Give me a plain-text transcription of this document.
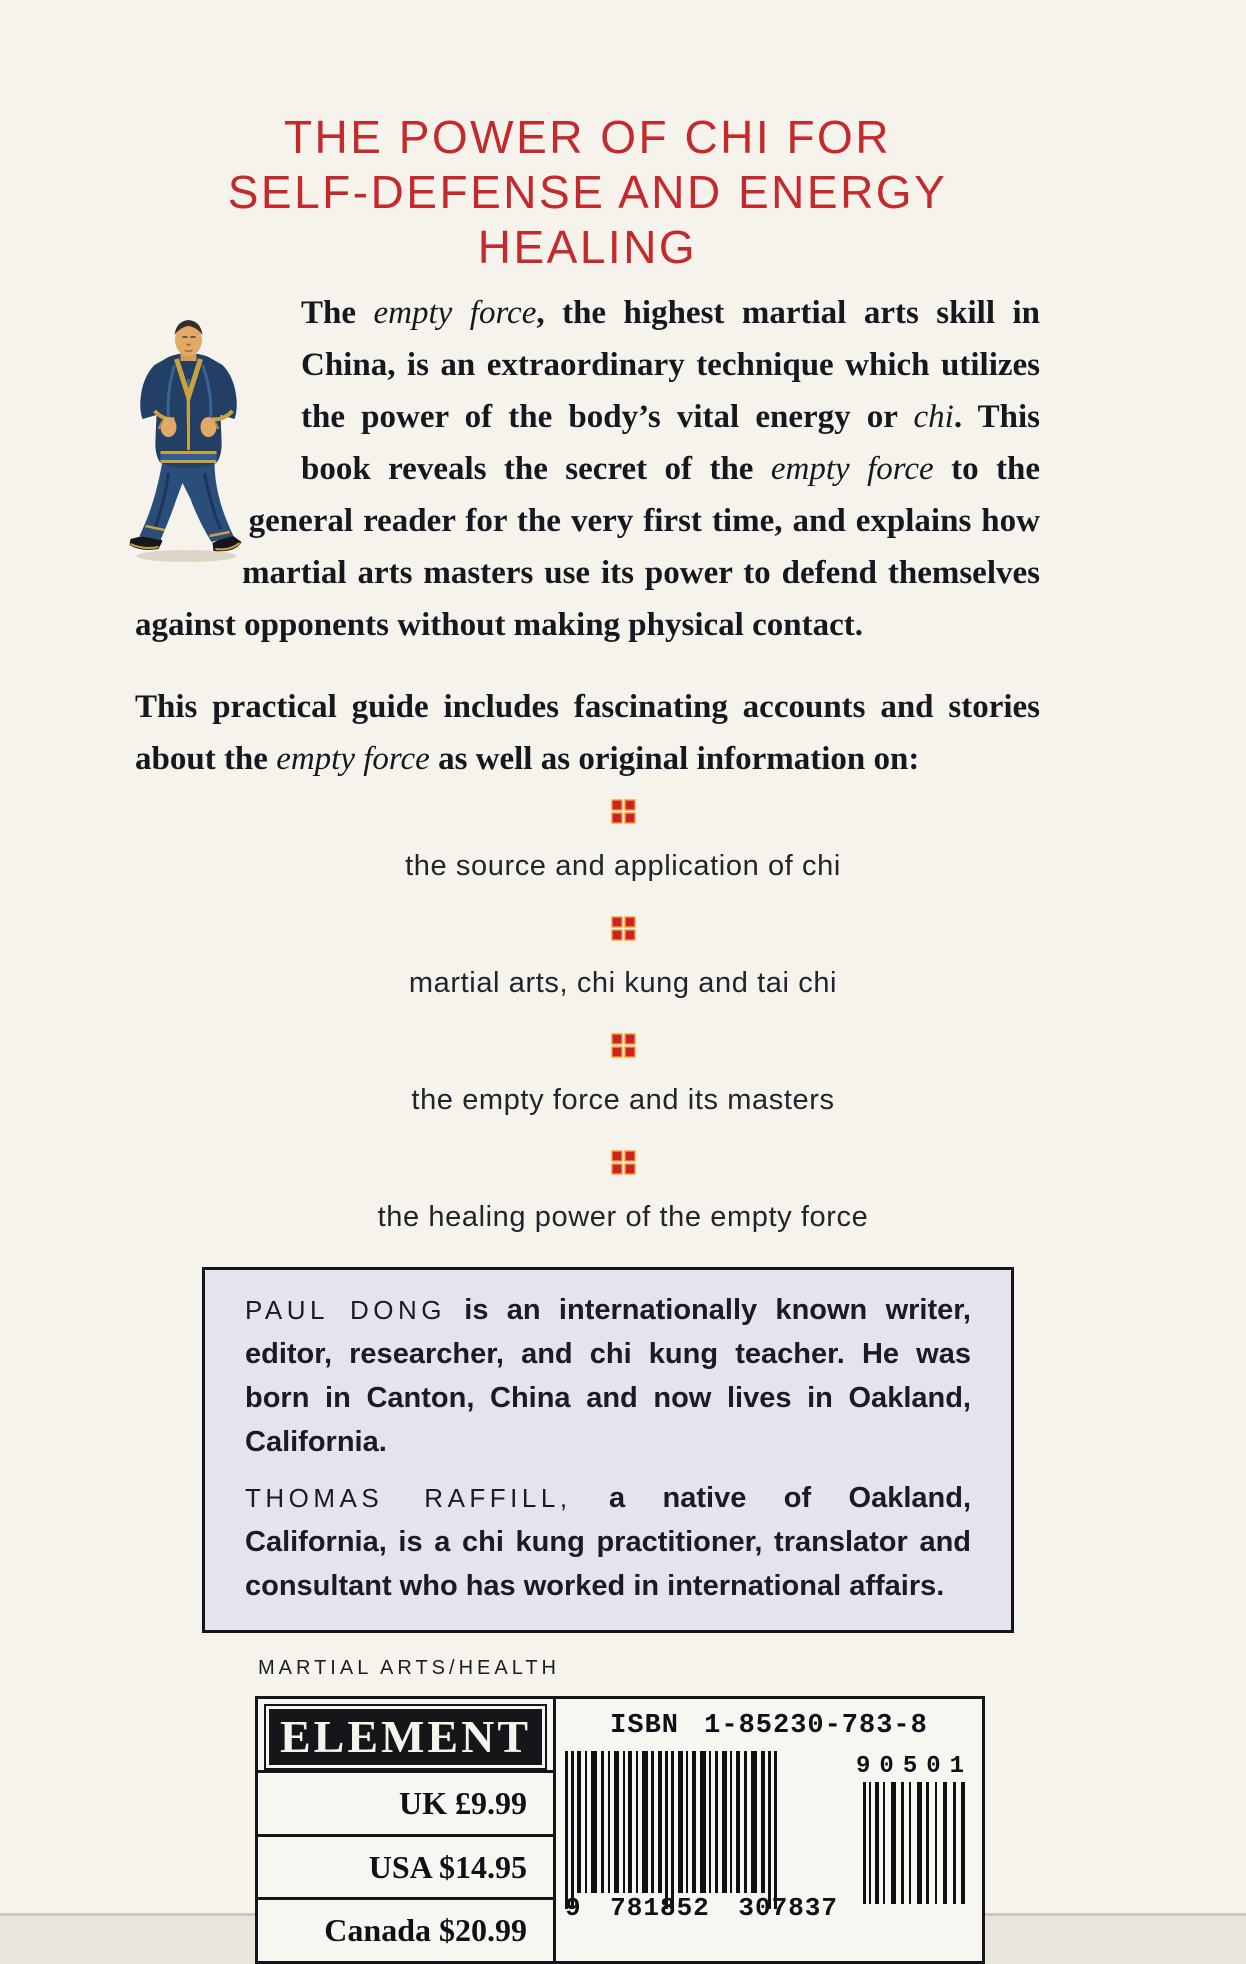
THE POWER OF CHI FOR
SELF-DEFENSE AND ENERGY HEALING

The empty force, the highest martial arts skill in China, is an extraordinary technique which utilizes the power of the body’s vital energy or chi. This book reveals the secret of the empty force to the general reader for the very first time, and explains how martial arts masters use its power to defend themselves against opponents without making physical contact.

This practical guide includes fascinating accounts and stories about the empty force as well as original information on:

the source and application of chi
martial arts, chi kung and tai chi
the empty force and its masters
the healing power of the empty force

PAUL DONG is an internationally known writer, editor, researcher, and chi kung teacher. He was born in Canton, China and now lives in Oakland, California.

THOMAS RAFFILL, a native of Oakland, California, is a chi kung practitioner, translator and consultant who has worked in international affairs.

MARTIAL ARTS/HEALTH
ELEMENT
UK £9.99
USA $14.95
Canada $20.99
ISBN 1-85230-783-8
9 781852 307837
90501
